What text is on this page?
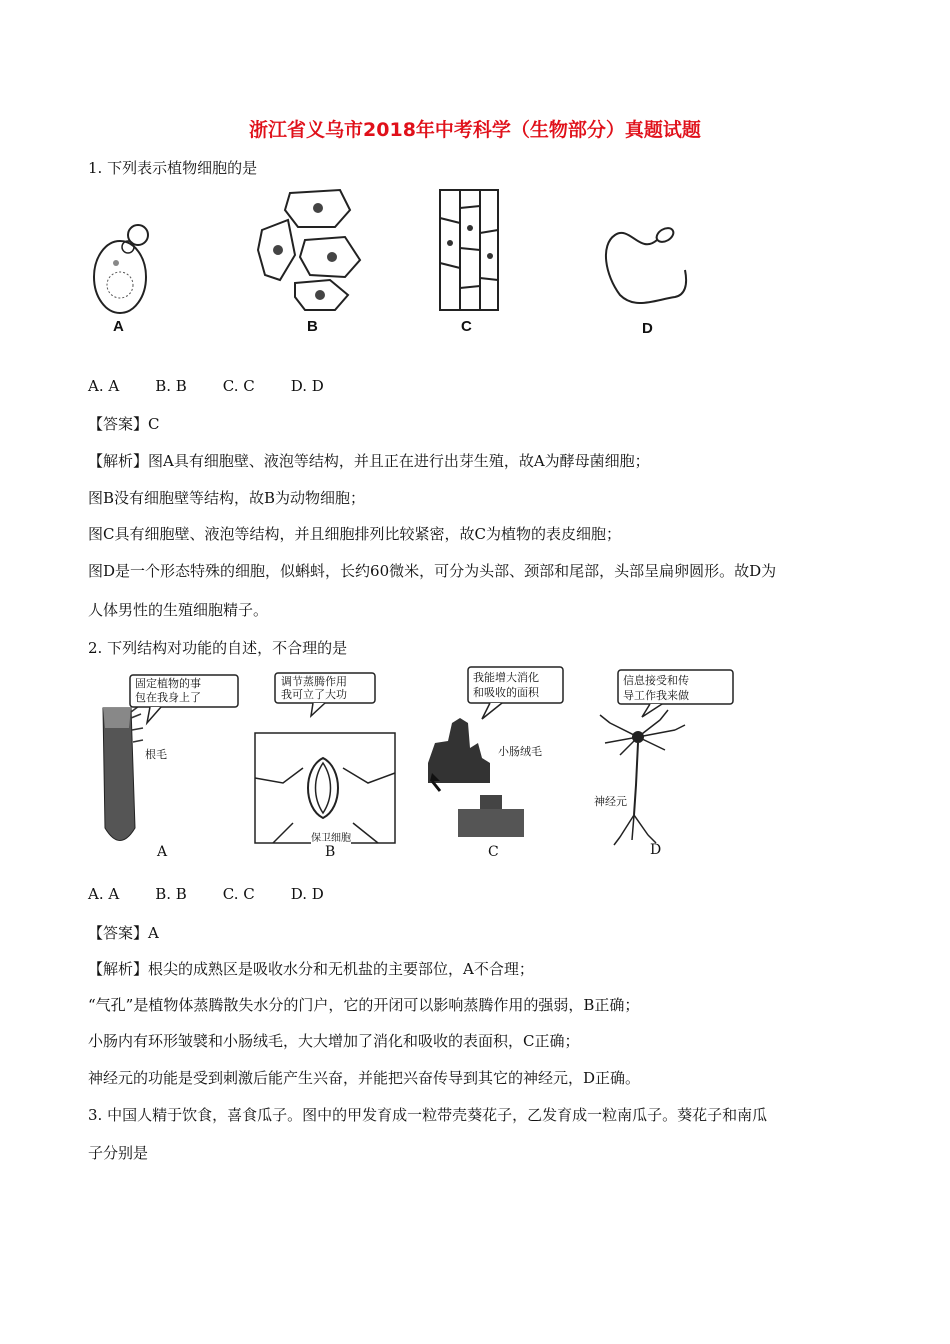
浙江省义乌市2018年中考科学（生物部分）真题试题
1. 下列表示植物细胞的是
A	B	C	D
A. A B. B C. C D. D
【答案】C
【解析】图A具有细胞壁、液泡等结构，并且正在进行出芽生殖，故A为酵母菌细胞；
图B没有细胞壁等结构，故B为动物细胞；
图C具有细胞壁、液泡等结构，并且细胞排列比较紧密，故C为植物的表皮细胞；
图D是一个形态特殊的细胞，似蝌蚪，长约60微米，可分为头部、颈部和尾部，头部呈扁卵圆形。故D为
人体男性的生殖细胞精子。
2. 下列结构对功能的自述，不合理的是
固定植物的事
包在我身上了
根毛
A
调节蒸腾作用
我可立了大功
保卫细胞
B
我能增大消化
和吸收的面积
小肠绒毛
C
信息接受和传
导工作我来做
神经元
D
A. A B. B C. C D. D
【答案】A
【解析】根尖的成熟区是吸收水分和无机盐的主要部位，A不合理；
“气孔”是植物体蒸腾散失水分的门户，它的开闭可以影响蒸腾作用的强弱，B正确；
小肠内有环形皱襞和小肠绒毛，大大增加了消化和吸收的表面积，C正确；
神经元的功能是受到刺激后能产生兴奋，并能把兴奋传导到其它的神经元，D正确。
3. 中国人精于饮食，喜食瓜子。图中的甲发育成一粒带壳葵花子，乙发育成一粒南瓜子。葵花子和南瓜
子分别是
